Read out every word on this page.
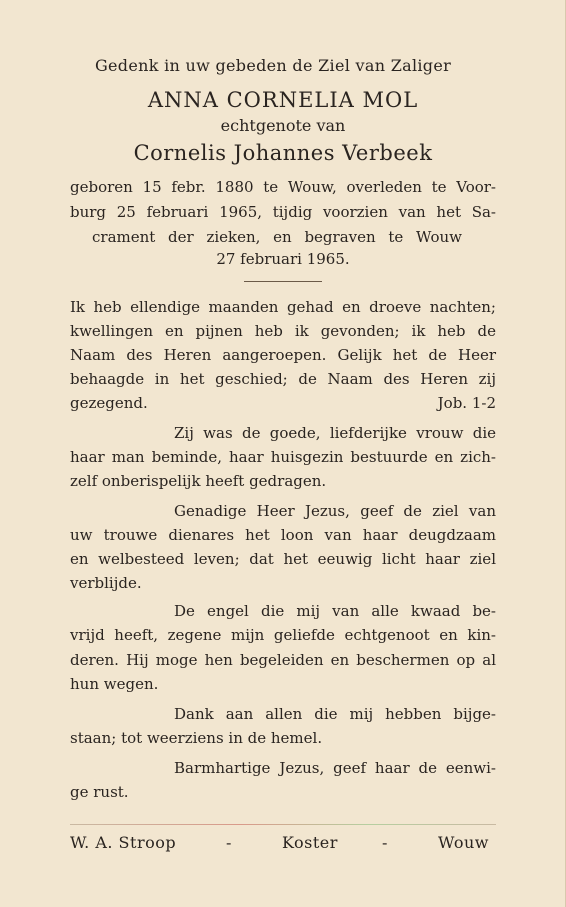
Gedenk in uw gebeden de Ziel van Zaliger
ANNA CORNELIA MOL
echtgenote van
Cornelis Johannes Verbeek
geboren 15 febr. 1880 te Wouw, overleden te Voor-
burg 25 februari 1965, tijdig voorzien van het Sa-
crament der zieken, en begraven te Wouw
27 februari 1965.
Ik heb ellendige maanden gehad en droeve nachten;
kwellingen en pijnen heb ik gevonden; ik heb de
Naam des Heren aangeroepen. Gelijk het de Heer
behaagde in het geschied; de Naam des Heren zij
gezegend.	Job. 1-2
Zij was de goede, liefderijke vrouw die
haar man beminde, haar huisgezin bestuurde en zich-
zelf onberispelijk heeft gedragen.
Genadige Heer Jezus, geef de ziel van
uw trouwe dienares het loon van haar deugdzaam
en welbesteed leven; dat het eeuwig licht haar ziel
verblijde.
De engel die mij van alle kwaad be-
vrijd heeft, zegene mijn geliefde echtgenoot en kin-
deren. Hij moge hen begeleiden en beschermen op al
hun wegen.
Dank aan allen die mij hebben bijge-
staan; tot weerziens in de hemel.
Barmhartige Jezus, geef haar de eenwi-
ge rust.
W. A. Stroop	-	Koster	-	Wouw
